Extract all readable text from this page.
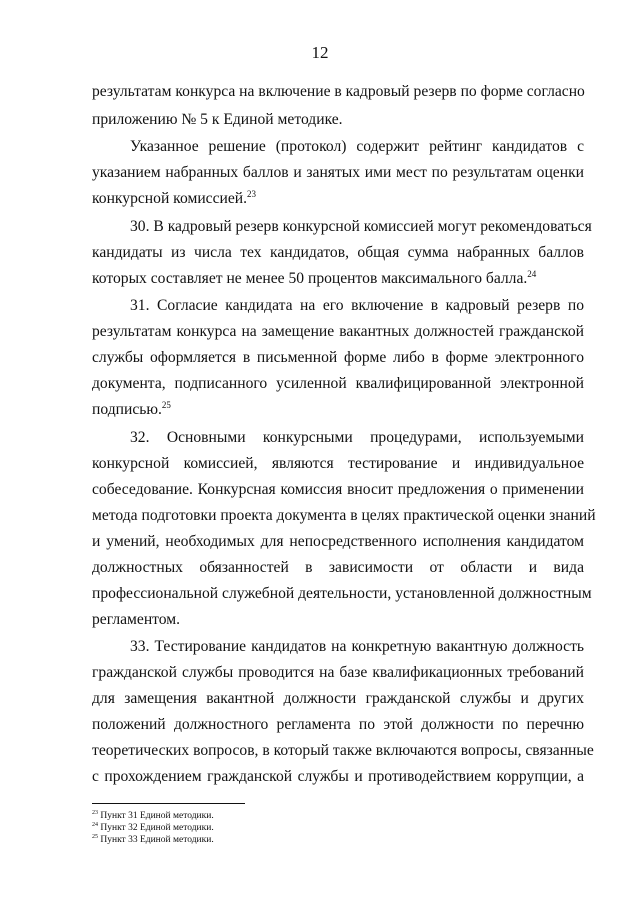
12
результатам конкурса на включение в кадровый резерв по форме согласно
приложению № 5 к Единой методике.
Указанное решение (протокол) содержит рейтинг кандидатов с
указанием набранных баллов и занятых ими мест по результатам оценки
конкурсной комиссией.$^{23}$
30. В кадровый резерв конкурсной комиссией могут рекомендоваться
кандидаты из числа тех кандидатов, общая сумма набранных баллов
которых составляет не менее 50 процентов максимального балла.$^{24}$
31. Согласие кандидата на его включение в кадровый резерв по
результатам конкурса на замещение вакантных должностей гражданской
службы оформляется в письменной форме либо в форме электронного
документа, подписанного усиленной квалифицированной электронной
подписью.$^{25}$
32. Основными конкурсными процедурами, используемыми
конкурсной комиссией, являются тестирование и индивидуальное
собеседование. Конкурсная комиссия вносит предложения о применении
метода подготовки проекта документа в целях практической оценки знаний
и умений, необходимых для непосредственного исполнения кандидатом
должностных обязанностей в зависимости от области и вида
профессиональной служебной деятельности, установленной должностным
регламентом.
33. Тестирование кандидатов на конкретную вакантную должность
гражданской службы проводится на базе квалификационных требований
для замещения вакантной должности гражданской службы и других
положений должностного регламента по этой должности по перечню
теоретических вопросов, в который также включаются вопросы, связанные
с прохождением гражданской службы и противодействием коррупции, а
$^{23}$ Пункт 31 Единой методики.
$^{24}$ Пункт 32 Единой методики.
$^{25}$ Пункт 33 Единой методики.
